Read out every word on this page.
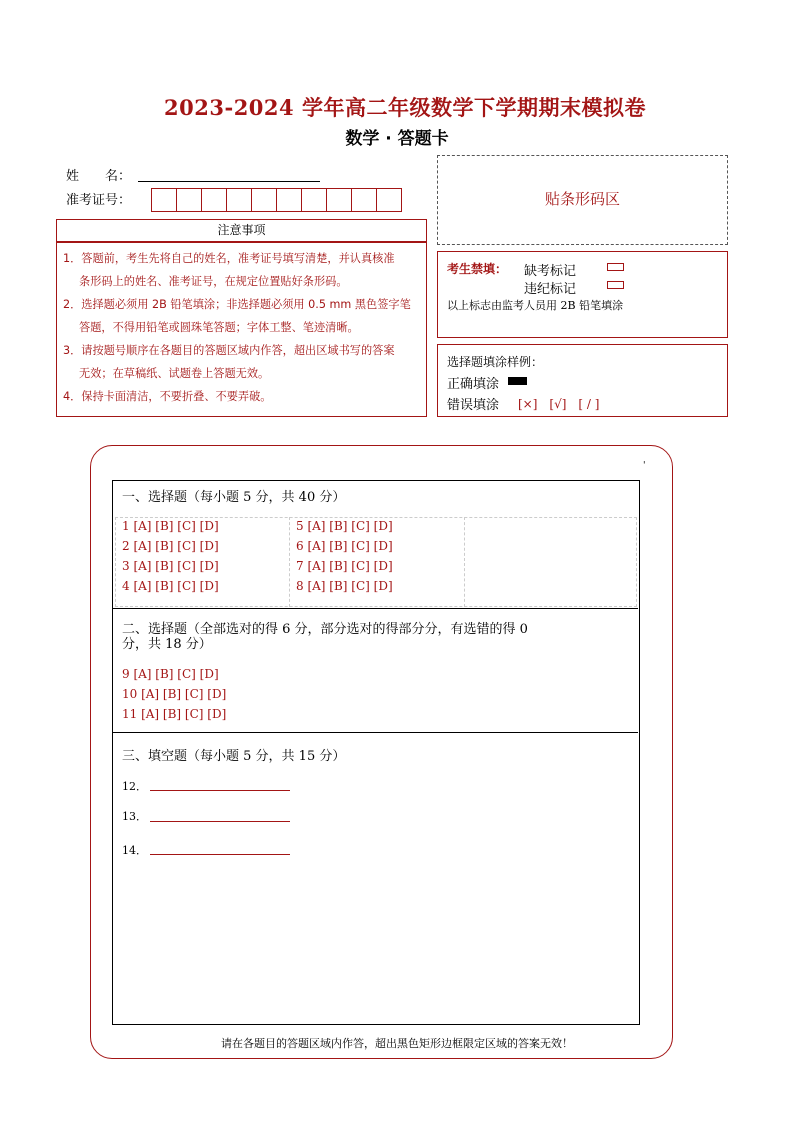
2023-2024 学年高二年级数学下学期期末模拟卷
数学 · 答题卡
姓　　名：
准考证号：
注意事项

1．答题前，考生先将自己的姓名，准考证号填写清楚，并认真核准

条形码上的姓名、准考证号，在规定位置贴好条形码。

2．选择题必须用 2B 铅笔填涂；非选择题必须用 0.5 mm 黑色签字笔

答题，不得用铅笔或圆珠笔答题；字体工整、笔迹清晰。

3．请按题号顺序在各题目的答题区域内作答，超出区域书写的答案

无效；在草稿纸、试题卷上答题无效。

4．保持卡面清洁，不要折叠、不要弄破。

贴条形码区
考生禁填： 缺考标记
违纪标记
以上标志由监考人员用 2B 铅笔填涂
选择题填涂样例：
正确填涂
错误填涂 [×]　[√]　[ / ]
'
一、选择题（每小题 5 分，共 40 分）
1 [A] [B] [C] [D]
2 [A] [B] [C] [D]
3 [A] [B] [C] [D]
4 [A] [B] [C] [D]
5 [A] [B] [C] [D]
6 [A] [B] [C] [D]
7 [A] [B] [C] [D]
8 [A] [B] [C] [D]
二、选择题（全部选对的得 6 分，部分选对的得部分分，有选错的得 0
分，共 18 分）
9 [A] [B] [C] [D]
10 [A] [B] [C] [D]
11 [A] [B] [C] [D]
三、填空题（每小题 5 分，共 15 分）
12．
13．
14．
请在各题目的答题区域内作答，超出黑色矩形边框限定区域的答案无效！
